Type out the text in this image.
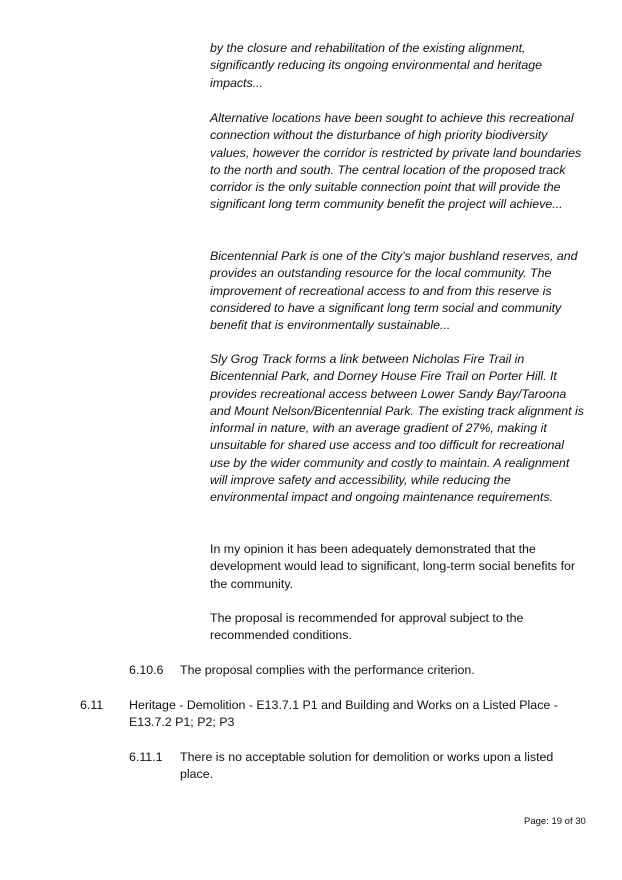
by the closure and rehabilitation of the existing alignment, significantly reducing its ongoing environmental and heritage impacts...

Alternative locations have been sought to achieve this recreational connection without the disturbance of high priority biodiversity values, however the corridor is restricted by private land boundaries to the north and south. The central location of the proposed track corridor is the only suitable connection point that will provide the significant long term community benefit the project will achieve...

Bicentennial Park is one of the City’s major bushland reserves, and provides an outstanding resource for the local community. The improvement of recreational access to and from this reserve is considered to have a significant long term social and community benefit that is environmentally sustainable...

Sly Grog Track forms a link between Nicholas Fire Trail in Bicentennial Park, and Dorney House Fire Trail on Porter Hill. It provides recreational access between Lower Sandy Bay/Taroona and Mount Nelson/Bicentennial Park. The existing track alignment is informal in nature, with an average gradient of 27%, making it unsuitable for shared use access and too difficult for recreational use by the wider community and costly to maintain. A realignment will improve safety and accessibility, while reducing the environmental impact and ongoing maintenance requirements.

In my opinion it has been adequately demonstrated that the development would lead to significant, long-term social benefits for the community.

The proposal is recommended for approval subject to the recommended conditions.

6.10.6 The proposal complies with the performance criterion.

6.11 Heritage - Demolition - E13.7.1 P1 and Building and Works on a Listed Place - E13.7.2 P1; P2; P3

6.11.1 There is no acceptable solution for demolition or works upon a listed place.

Page: 19 of 30
